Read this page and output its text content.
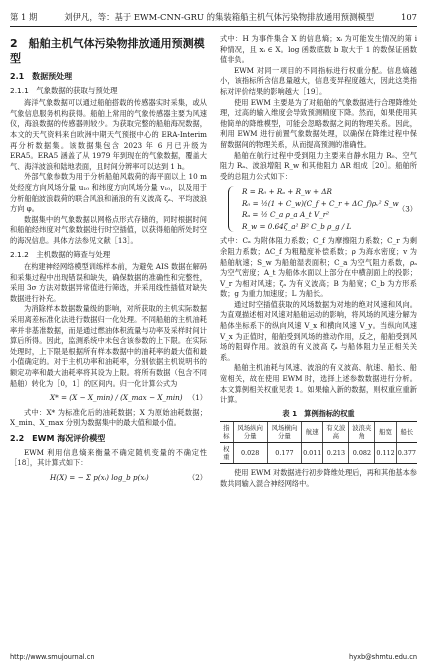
第 1 期	刘伊凡，等：基于 EWM-CNN-GRU 的集装箱船主机气体污染物排放通用预测模型	107
2　船舶主机气体污染物排放通用预测模型
2.1　数据预处理
2.1.1　气象数据的获取与预处理

海洋气象数据可以通过船舶搭载的传感器实时采集，或从气象信息服务机构获得。船舶上常用的气象传感器主要为风速仪，海浪数据的传感器则较少。为获取完整的船舶海况数据，本文的天气资料来自欧洲中期天气预报中心的 ERA-Interim 再分析数据集。该数据集包含 2023 年 6 月已升级为 ERA5。ERA5 涵盖了从 1979 年到现在的气象数据，覆盖大气、海洋波浪和陆地表面，且时间分辨率可以达到 1 h。

外部气象参数为用于分析船舶风载荷的海平面以上 10 m 处经度方向风场分量 u₁₀ 和纬度方向风场分量 v₁₀，以及用于分析船舶波浪载荷的联合风浪和涌浪的有义波高 ζₐ、平均波浪方向 φ。

数据集中的气象数据以网格点形式存储的，同时根据时间和船舶经纬度对气象数据进行时空插值，以获得船舶所处时空的海况信息。具体方法参见文献［13］。

2.1.2　主机数据的筛查与处理

在构建神经网络模型训练样本前，为避免 AIS 数据在解码和采集过程中出现错误和缺失，确保数据的准确性和完整性，采用 3σ 方法对数据异常值进行筛选，并采用线性插值对缺失数据进行补充。

为消除样本数据数量级的影响，对所获取的主机实际数据采用离差标准化法进行数据归一化处理。不同船舶的主机油耗率并非基准数据，而是通过燃油体积流量与功率及采样时间计算后所得。因此，监测系统中未包含该参数的上下限。在实际处理时，上下限是根据所有样本数据中的油耗率的最大值和最小值确定的。对于主机功率和油耗率，分别依据主机说明书的额定功率和最大油耗率将其设为上限。将所有数据（包含不同船舶）转化为［0，1］的区间内。归一化计算公式为

X* = (X − X_min) / (X_max − X_min) （1）

式中：X* 为标准化后的油耗数据；X 为原始油耗数据；X_min、X_max 分别为数据集中的最大值和最小值。

2.2　EWM 海况评价模型

EWM 利用信息熵来衡量不确定随机变量的不确定性［18］，其计算式如下：

H(X) = − Σ p(xᵢ) log_b p(xᵢ)	（2）

式中：H 为事件集合 X 的信息熵；xᵢ 为可能发生情况的第 i 种情况，且 xᵢ ∈ X。log 函数底数 b 取大于 1 的数保证函数值非负。

EWM 对同一项目的不同指标进行权重分配。信息熵越小，该指标所含信息量越大，信息变异程度越大，因此这类指标对评价结果的影响越大［19］。

使用 EWM 主要是为了对船舶的气象数据进行合理降维处理，过高的输入维度会导致预测精度下降。然而，如果使用其他简单的降维模型，可能会忽略数据之间的物理关系。因此，利用 EWM 进行前置气象数据处理，以确保在降维过程中保留数据间的物理关系，从而提高预测的准确性。

船舶在航行过程中受到阻力主要来自静水阻力 R₀、空气阻力 Rₐ、波浪增阻 R_w 和其他阻力 ΔR 组成［20］。船舶所受的总阻力公式如下：

R = R₀ + Rₐ + R_w + ΔR
R₀ = ½(1 + C_w)(C_f + C_r + ΔC_f)ρᵥ² S_w
Rₐ = ½ C_a ρ_a A_t V_r²
R_w = 0.64ζ_a² B² C_b ρ_g / L
（3）

式中：Cₐ 为附体阻力系数；C_f 为摩擦阻力系数；C_r 为剩余阻力系数；ΔC_f 为粗糙度补偿系数；ρ 为海水密度；v 为船舶航速；S_w 为船舶湿表面积；C_a 为空气阻力系数，ρₐ 为空气密度；A_t 为船体水面以上部分在中横剖面上的投影；V_r 为相对风速；ζₐ 为有义波高；B 为船宽；C_b 为方形系数；g 为重力加速度；L 为船长。

通过时空插值获取的风场数据为对地的绝对风速和风向。为直观描述相对风速对船舶运动的影响，将风场的风速分解为船体坐标系下的纵向风速 V_x 和横向风速 V_y。当纵向风速 V_x 为正值时，船舶受到风场的推动作用，反之，船舶受到风场的阻碍作用。波浪的有义波高 ζₐ 与船体阻力呈正相关关系。

船舶主机油耗与风速、波浪的有义波高、航速、船长、船宽相关，故在使用 EWM 时，选择上述参数数据进行分析。本文算例相关权重见表 1。如果输入新的数据，则权重应重新计算。

表 1　算例指标的权重
指标	风场纵向分量	风场横向分量	航速	有义波高	波浪夹角	船宽	船长
权重	0.028	0.177	0.011	0.213	0.082	0.112	0.377

使用 EWM 对数据进行初步降维处理后，再和其他基本参数共同输入混合神经网络中。

http://www.smujournal.cn	hyxb@shmtu.edu.cn
